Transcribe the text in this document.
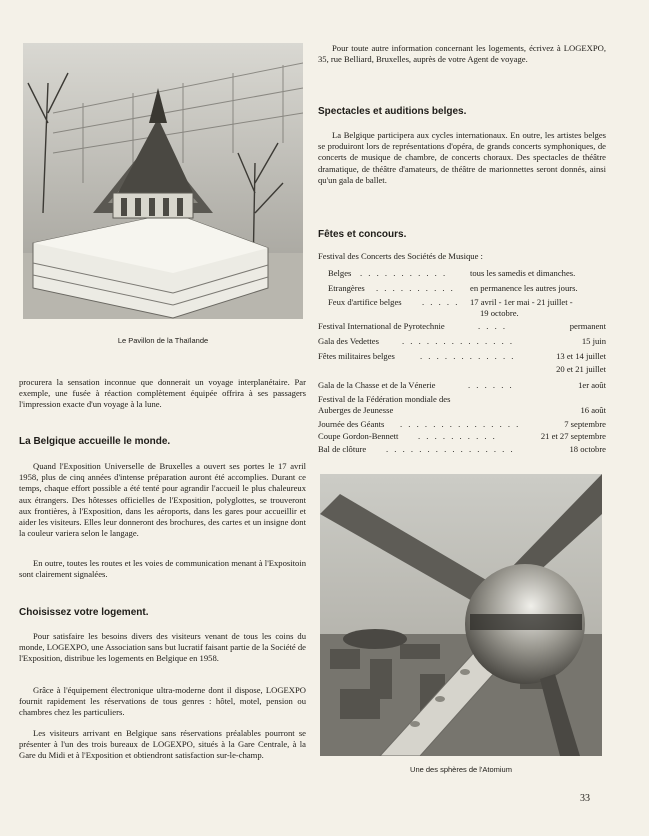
Le Pavillon de la Thaïlande

procurera la sensation inconnue que donnerait un voyage interplanétaire. Par exemple, une fusée à réaction complètement équipée offrira à ses passagers l'impression exacte d'un voyage à la lune.

La Belgique accueille le monde.

Quand l'Exposition Universelle de Bruxelles a ouvert ses portes le 17 avril 1958, plus de cinq années d'intense préparation auront été accomplies. Durant ce temps, chaque effort possible a été tenté pour agrandir l'accueil le plus chaleureux aux étrangers. Des hôtesses officielles de l'Exposition, polyglottes, se trouveront aux frontières, à l'Exposition, dans les aéroports, dans les gares pour accueillir et aider les visiteurs. Elles leur donneront des brochures, des cartes et un insigne dont la couleur variera selon le langage.

En outre, toutes les routes et les voies de communication menant à l'Expositoin sont clairement signalées.

Choisissez votre logement.

Pour satisfaire les besoins divers des visiteurs venant de tous les coins du monde, LOGEXPO, une Association sans but lucratif faisant partie de la Société de l'Exposition, distribue les logements en Belgique en 1958.

Grâce à l'équipement électronique ultra-moderne dont il dispose, LOGEXPO fournit rapidement les réservations de tous genres : hôtel, motel, pension ou chambres chez les particuliers.

Les visiteurs arrivant en Belgique sans réservations préalables pourront se présenter à l'un des trois bureaux de LOGEXPO, situés à la Gare Centrale, à la Gare du Midi et à l'Exposition et obtiendront satisfaction sur-le-champ.

Pour toute autre information concernant les logements, écrivez à LOGEXPO, 35, rue Belliard, Bruxelles, auprès de votre Agent de voyage.

Spectacles et auditions belges.

La Belgique participera aux cycles internationaux. En outre, les artistes belges se produiront lors de représentations d'opéra, de grands concerts symphoniques, de concerts de musique de chambre, de concerts choraux. Des spectacles de théâtre dramatique, de théâtre d'amateurs, de théâtre de marionnettes seront donnés, ainsi qu'un gala de ballet.

Fêtes et concours.
Festival des Concerts des Sociétés de Musique :
Belges . . . . . . . . . . .	tous les samedis et dimanches.
Etrangères . . . . . . . . . . en permanence les autres jours.
Feux d'artifice belges . . . . . 17 avril - 1er mai - 21 juillet -
19 octobre.
Festival International de Pyrotechnie	. . . .	permanent
Gala des Vedettes	. . . . . . . . . . . . . .	15 juin
Fêtes militaires belges	. . . . . . . . . . . .	13 et 14 juillet
20 et 21 juillet
Gala de la Chasse et de la Vénerie	. . . . . .	1er août
Festival de la Fédération mondiale des
Auberges de Jeunesse	16 août
Journée des Géants . . . . . . . . . . . . . . .	7 septembre
Coupe Gordon-Bennett . . . . . . . . . .	21 et 27 septembre
Bal de clôture . . . . . . . . . . . . . . . .	18 octobre
Une des sphères de l'Atomium
33
